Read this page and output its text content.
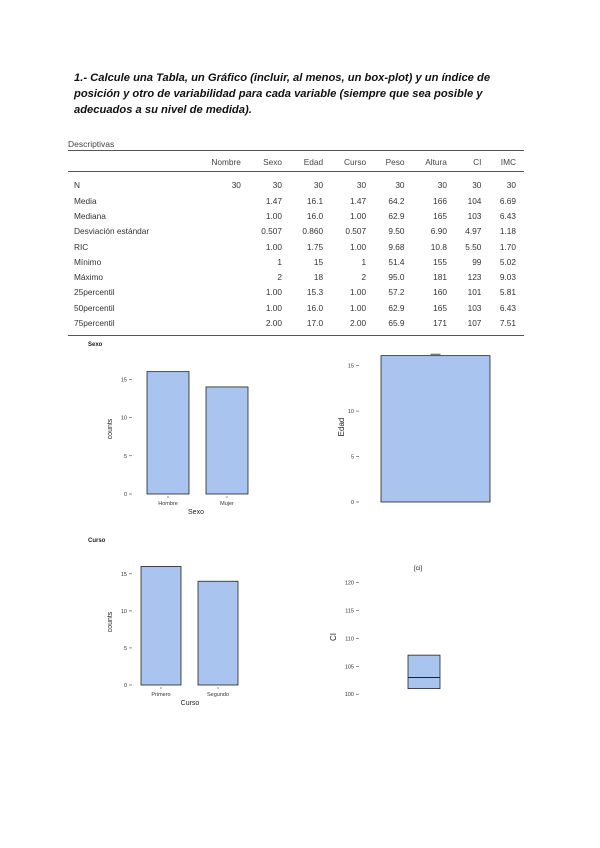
1.- Calcule una Tabla, un Gráfico (incluir, al menos, un box-plot) y un índice de posición y otro de variabilidad para cada variable (siempre que sea posible y adecuados a su nivel de medida).
Descriptivas
	Nombre	Sexo	Edad	Curso	Peso	Altura	CI	IMC
N	30	30	30	30	30	30	30	30
Media		1.47	16.1	1.47	64.2	166	104	6.69
Mediana		1.00	16.0	1.00	62.9	165	103	6.43
Desviación estándar		0.507	0.860	0.507	9.50	6.90	4.97	1.18
RIC		1.00	1.75	1.00	9.68	10.8	5.50	1.70
Mínimo		1	15	1	51.4	155	99	5.02
Máximo		2	18	2	95.0	181	123	9.03
25percentil		1.00	15.3	1.00	57.2	160	101	5.81
50percentil		1.00	16.0	1.00	62.9	165	103	6.43
75percentil		2.00	17.0	2.00	65.9	171	107	7.51
Sexo
0
5
10
15
counts
Hombre	Mujer
Sexo
0
5
10
15
Edad
Curso
0
5
10
15
counts
Primero	Segundo
Curso
[ci]
100
105
110
115
120
CI
